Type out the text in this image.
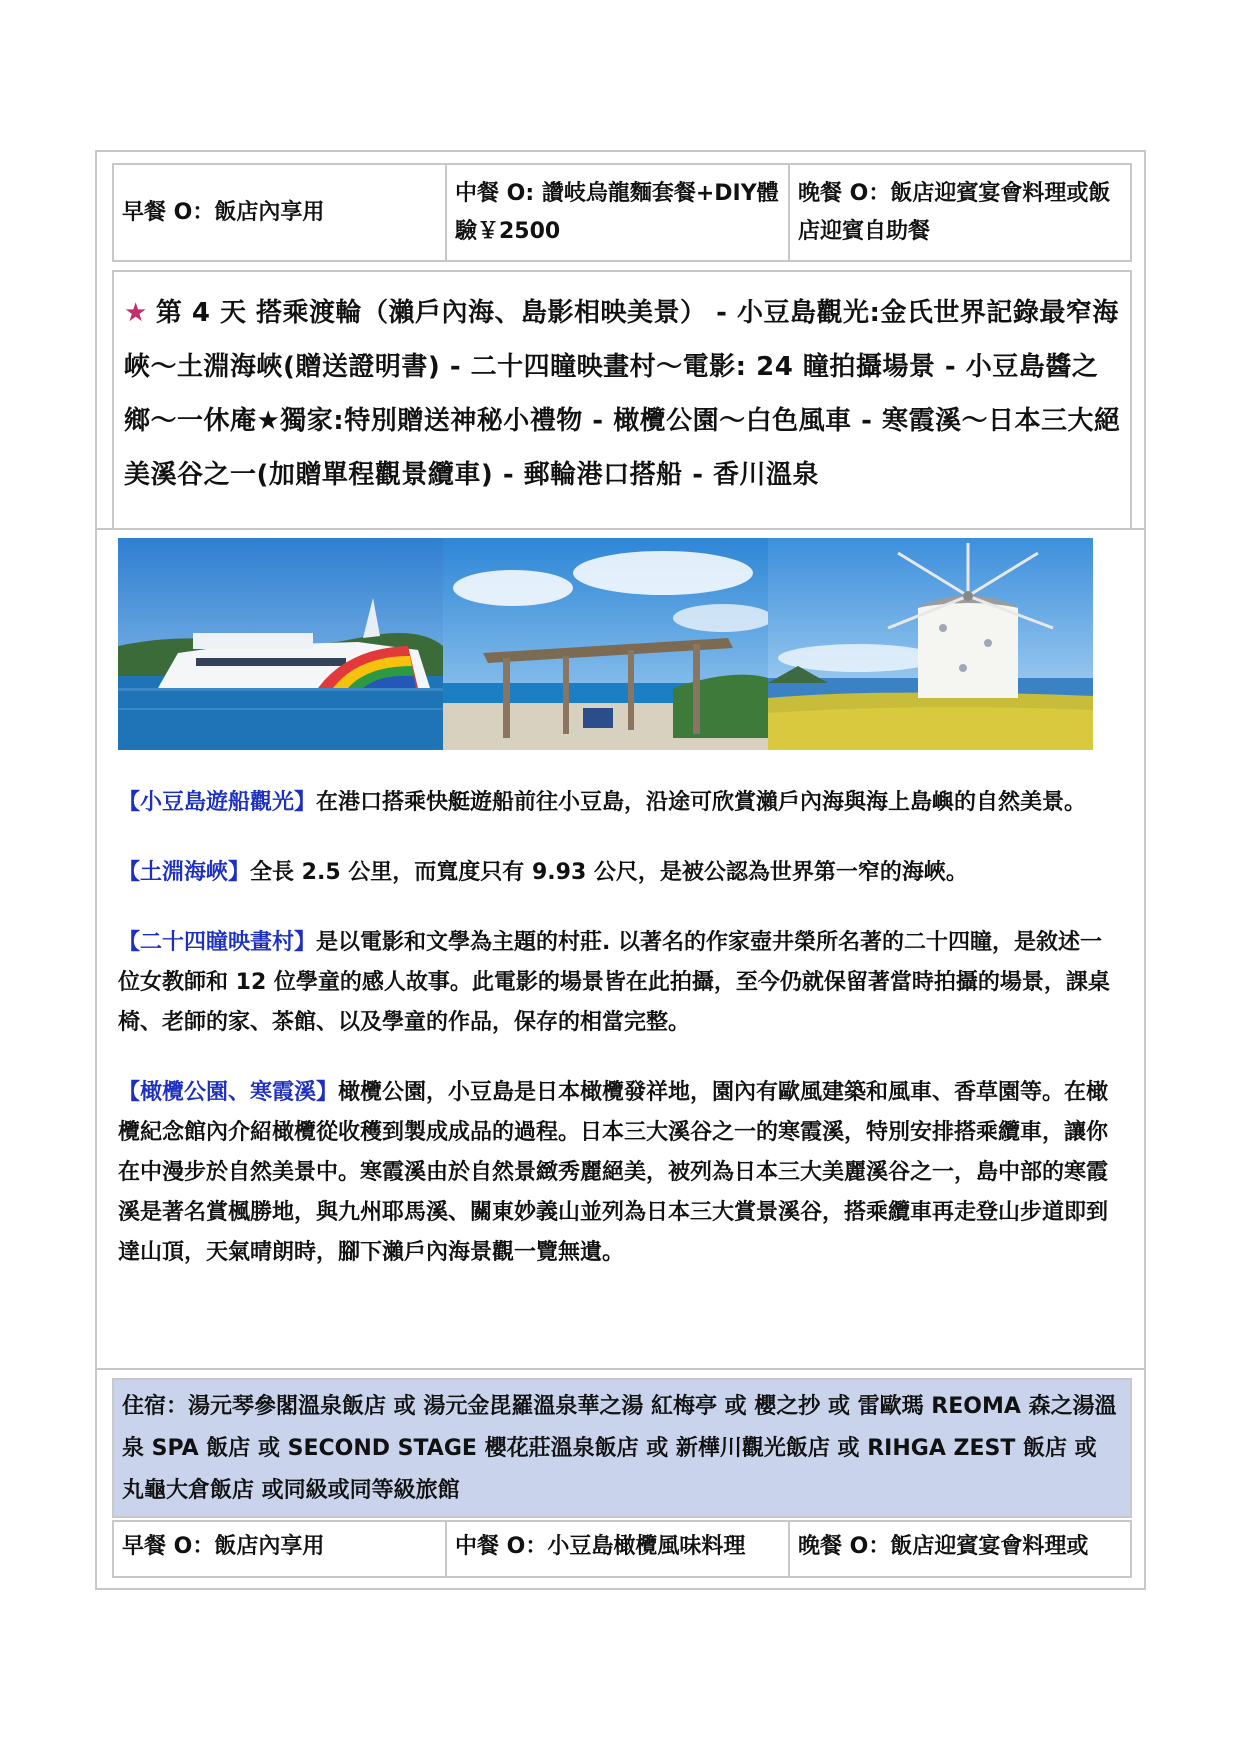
早餐 O：飯店內享用
中餐 O: 讚岐烏龍麵套餐+DIY體驗￥2500
晚餐 O：飯店迎賓宴會料理或飯店迎賓自助餐

★ 第 4 天 搭乘渡輪（瀨戶內海、島影相映美景） - 小豆島觀光:金氏世界記錄最窄海峽～土淵海峽(贈送證明書) - 二十四瞳映畫村～電影: 24 瞳拍攝場景 - 小豆島醬之鄉～一休庵★獨家:特別贈送神秘小禮物 - 橄欖公園～白色風車 - 寒霞溪～日本三大絕美溪谷之一(加贈單程觀景纜車) - 郵輪港口搭船 - 香川溫泉

【小豆島遊船觀光】在港口搭乘快艇遊船前往小豆島，沿途可欣賞瀨戶內海與海上島嶼的自然美景。

【土淵海峽】全長 2.5 公里，而寬度只有 9.93 公尺，是被公認為世界第一窄的海峽。

【二十四瞳映畫村】是以電影和文學為主題的村莊. 以著名的作家壺井榮所名著的二十四瞳，是敘述一位女教師和 12 位學童的感人故事。此電影的場景皆在此拍攝，至今仍就保留著當時拍攝的場景，課桌椅、老師的家、茶館、以及學童的作品，保存的相當完整。

【橄欖公園、寒霞溪】橄欖公園，小豆島是日本橄欖發祥地，園內有歐風建築和風車、香草園等。在橄欖紀念館內介紹橄欖從收穫到製成成品的過程。日本三大溪谷之一的寒霞溪，特別安排搭乘纜車，讓你在中漫步於自然美景中。寒霞溪由於自然景緻秀麗絕美，被列為日本三大美麗溪谷之一，島中部的寒霞溪是著名賞楓勝地，與九州耶馬溪、關東妙義山並列為日本三大賞景溪谷，搭乘纜車再走登山步道即到達山頂，天氣晴朗時，腳下瀨戶內海景觀一覽無遺。

住宿：湯元琴參閣溫泉飯店 或 湯元金毘羅溫泉華之湯 紅梅亭 或 櫻之抄 或 雷歐瑪 REOMA 森之湯溫泉 SPA 飯店 或 SECOND STAGE 櫻花莊溫泉飯店 或 新樺川觀光飯店 或 RIHGA ZEST 飯店 或 丸龜大倉飯店 或同級或同等級旅館
早餐 O：飯店內享用	中餐 O：小豆島橄欖風味料理	晚餐 O：飯店迎賓宴會料理或
